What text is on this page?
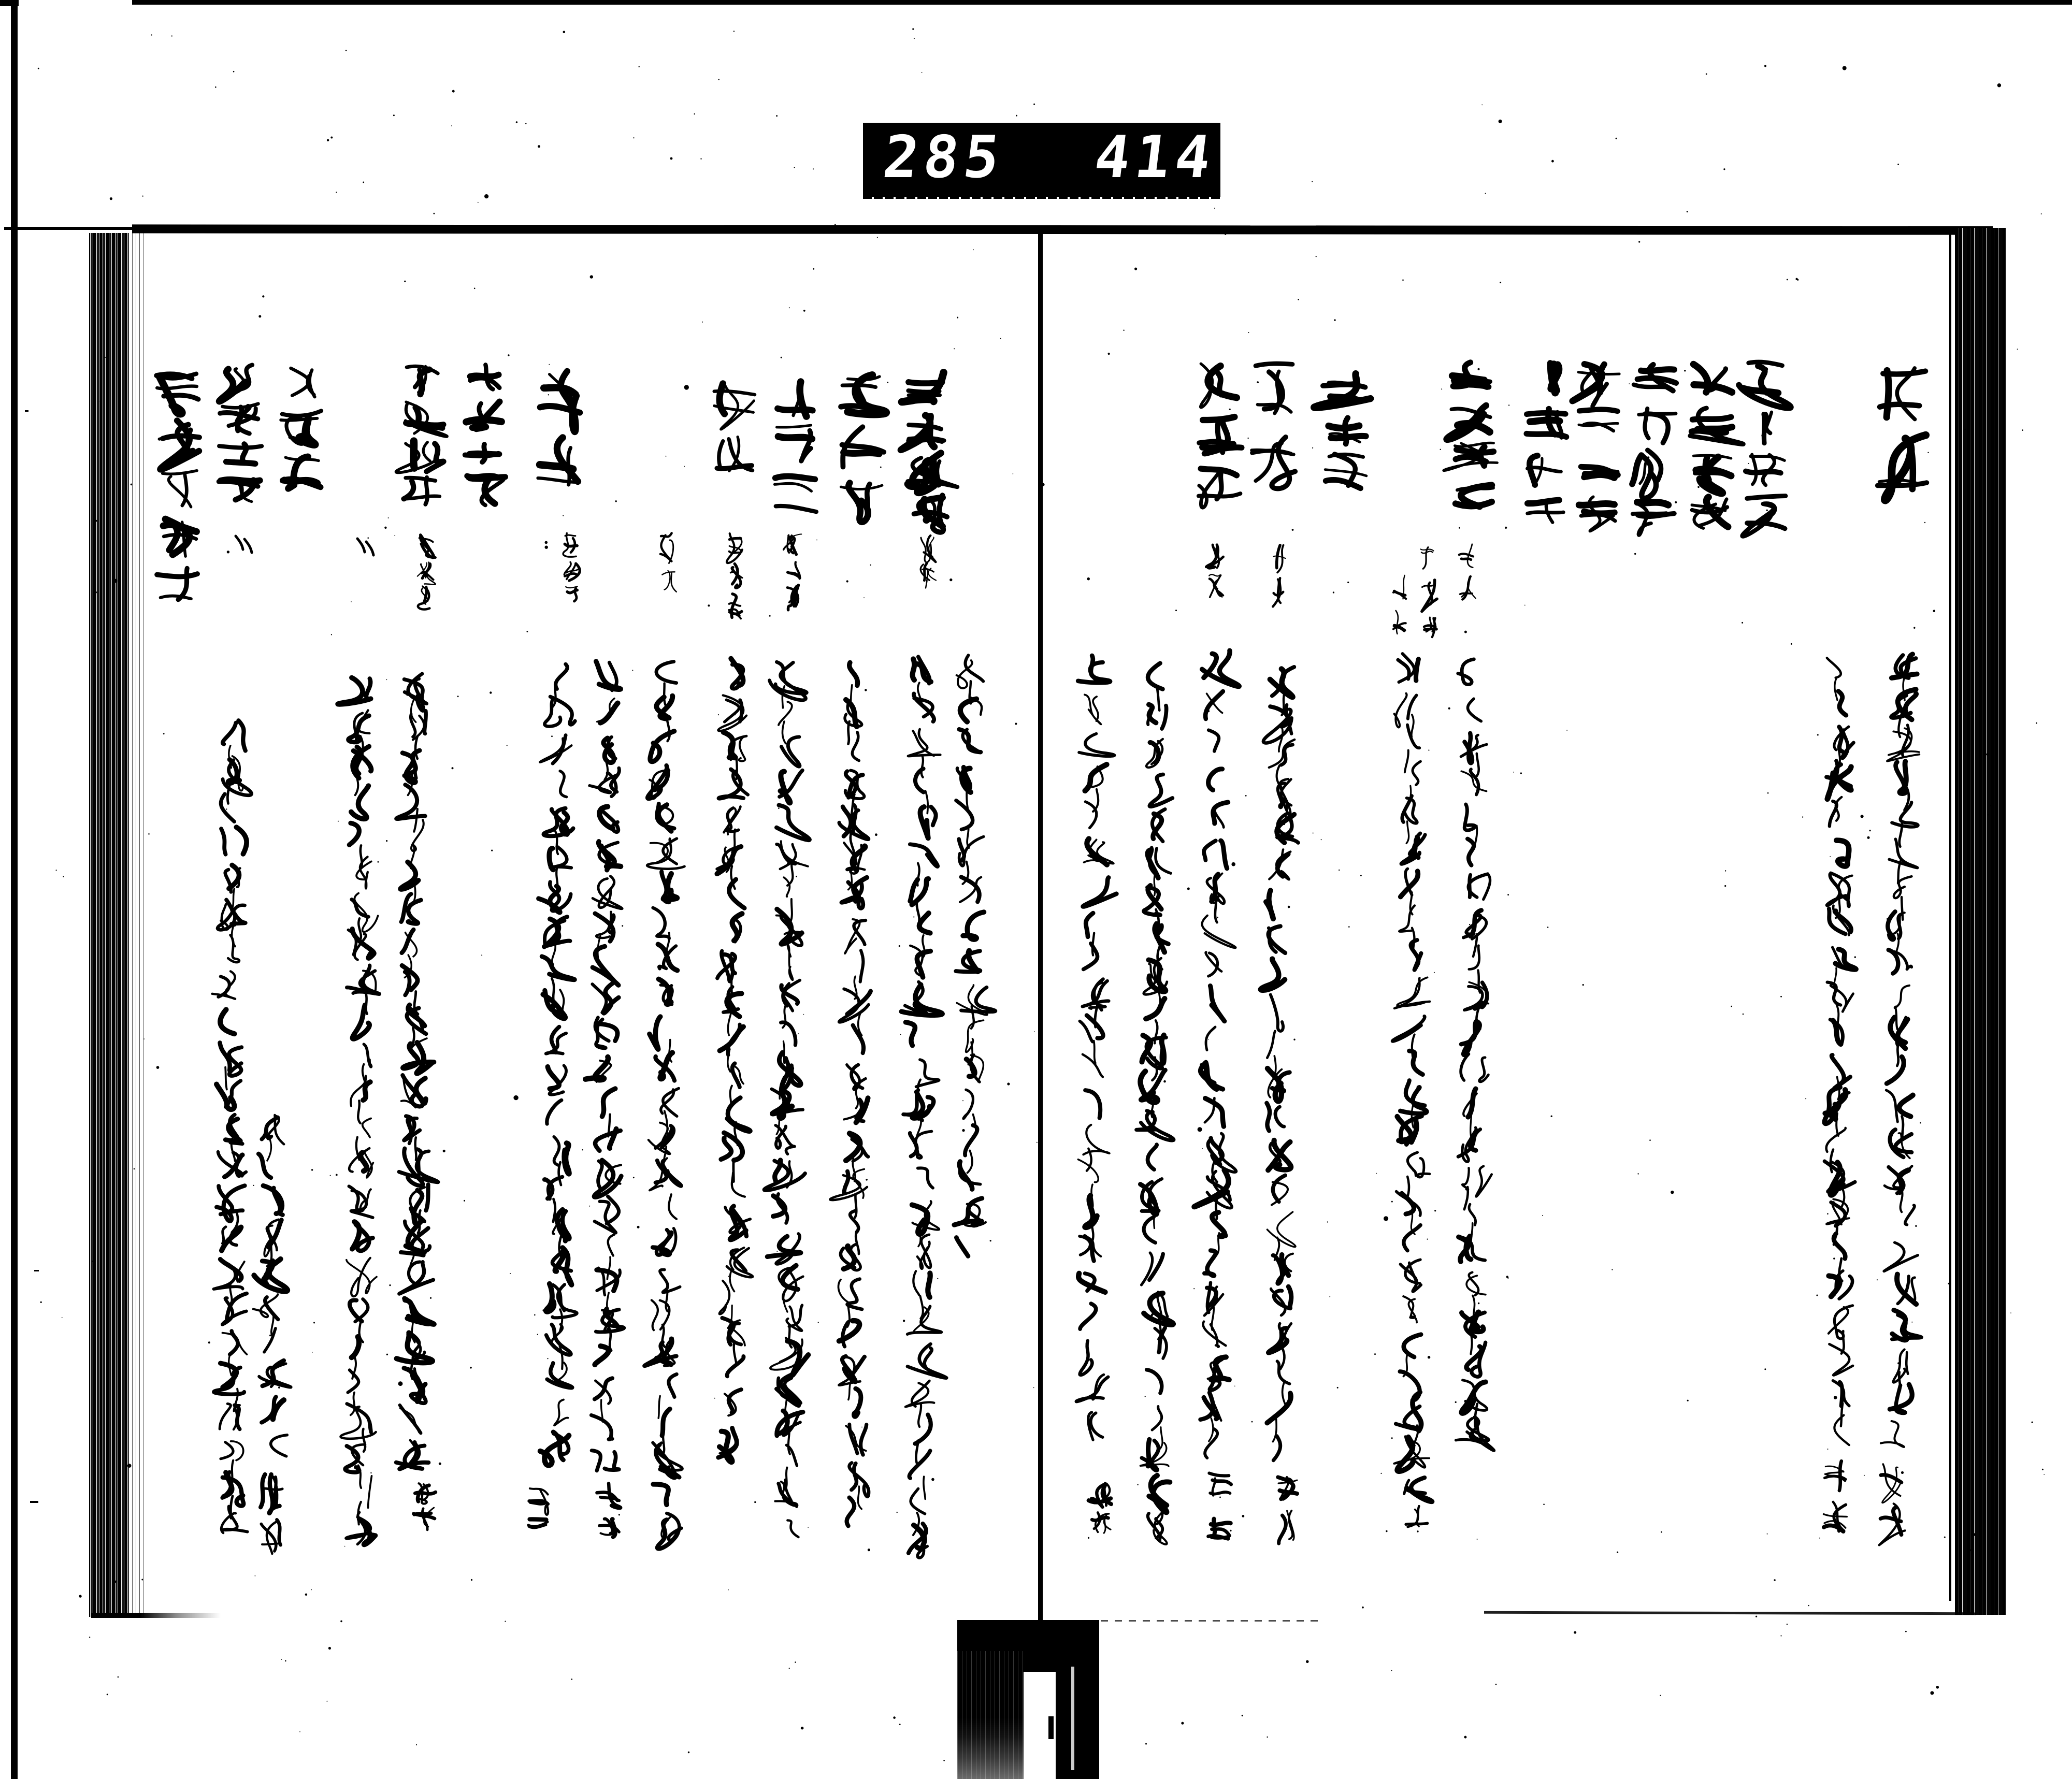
285 414.
